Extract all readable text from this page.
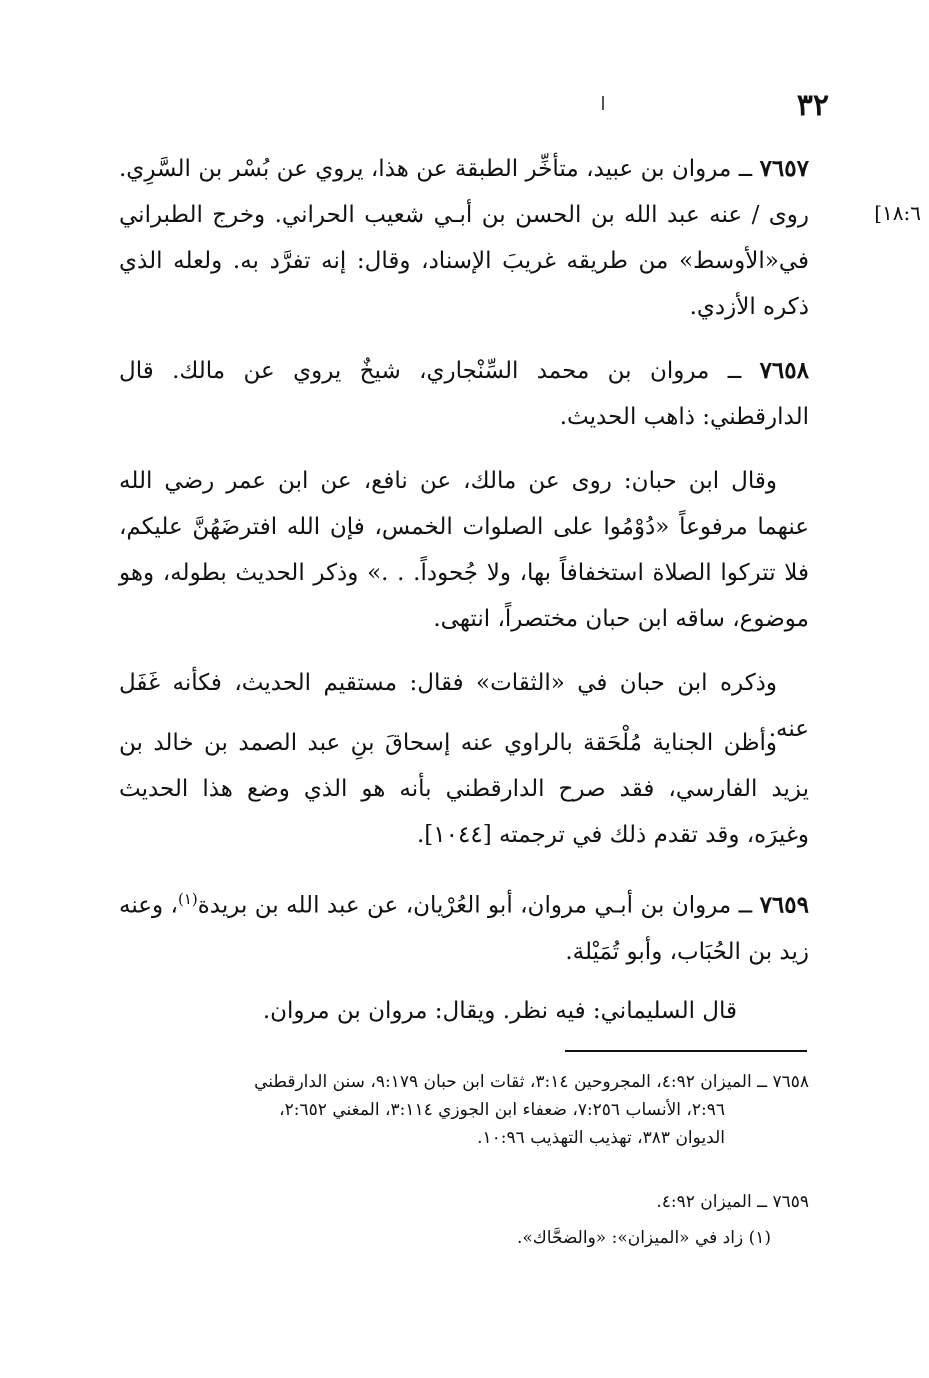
٣٢
[١٨:٦

٧٦٥٧ ــ مروان بن عبيد، متأخِّر الطبقة عن هذا، يروي عن بُسْر بن السَّرِي. روى / عنه عبد الله بن الحسن بن أبـي شعيب الحراني. وخرج الطبراني في«الأوسط» من طريقه غريبَ الإسناد، وقال: إنه تفرَّد به. ولعله الذي ذكره الأزدي.

٧٦٥٨ ــ مروان بن محمد السِّنْجاري، شيخٌ يروي عن مالك. قال الدارقطني: ذاهب الحديث.

وقال ابن حبان: روى عن مالك، عن نافع، عن ابن عمر رضي الله عنهما مرفوعاً «دُوْمُوا على الصلوات الخمس، فإن الله افترضَهُنَّ عليكم، فلا تتركوا الصلاة استخفافاً بها، ولا جُحوداً. . .» وذكر الحديث بطوله، وهو موضوع، ساقه ابن حبان مختصراً، انتهى.

وذكره ابن حبان في «الثقات» فقال: مستقيم الحديث، فكأنه غَفَل عنه.

وأظن الجناية مُلْحَقة بالراوي عنه إسحاقَ بنِ عبد الصمد بن خالد بن يزيد الفارسي، فقد صرح الدارقطني بأنه هو الذي وضع هذا الحديث وغيرَه، وقد تقدم ذلك في ترجمته [١٠٤٤].

٧٦٥٩ ــ مروان بن أبـي مروان، أبو العُرْيان، عن عبد الله بن بريدة$^{(١)}$، وعنه زيد بن الحُبَاب، وأبو تُمَيْلة.

قال السليماني: فيه نظر. ويقال: مروان بن مروان.

٧٦٥٨ ــ الميزان ٤:٩٢، المجروحين ٣:١٤، ثقات ابن حبان ٩:١٧٩، سنن الدارقطني
٢:٩٦، الأنساب ٧:٢٥٦، ضعفاء ابن الجوزي ٣:١١٤، المغني ٢:٦٥٢،
الديوان ٣٨٣، تهذيب التهذيب ١٠:٩٦.
٧٦٥٩ ــ الميزان ٤:٩٢.
(١) زاد في «الميزان»: «والضحَّاك».
